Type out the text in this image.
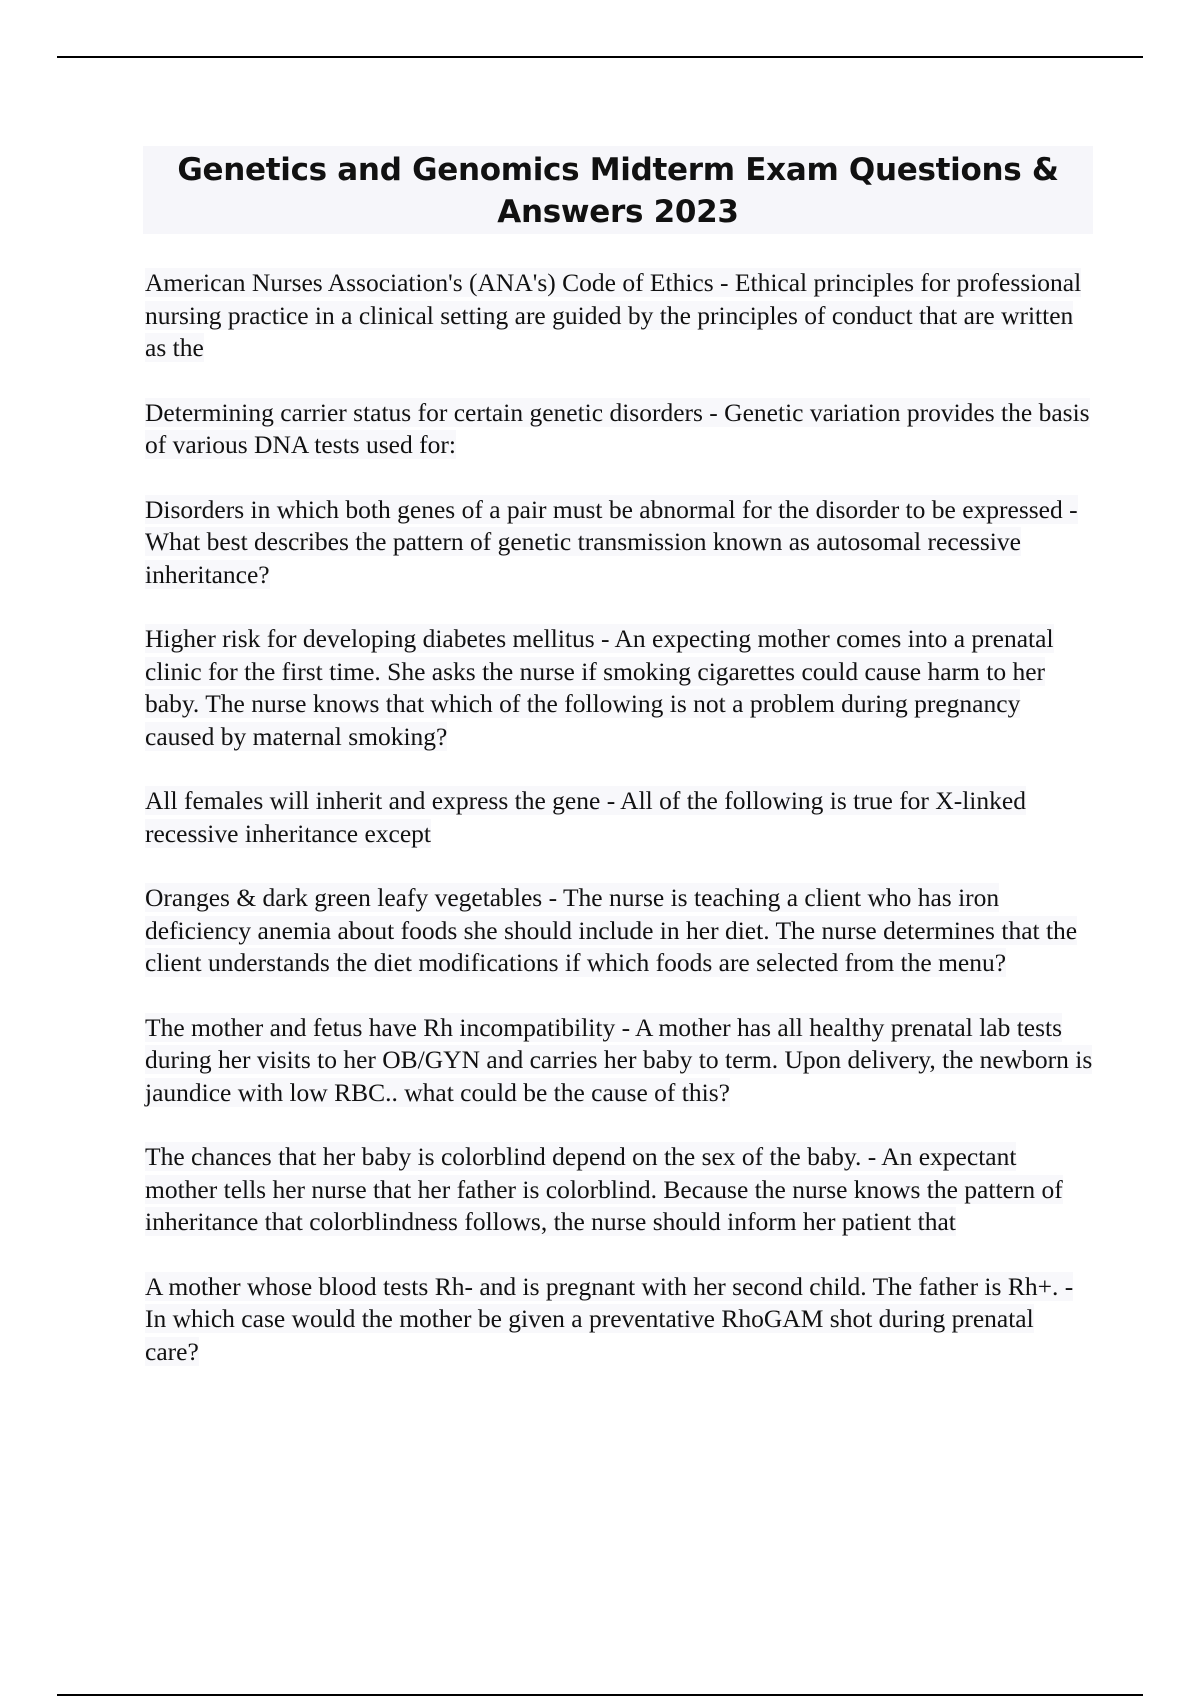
Genetics and Genomics Midterm Exam Questions & Answers 2023

American Nurses Association's (ANA's) Code of Ethics - Ethical principles for professional nursing practice in a clinical setting are guided by the principles of conduct that are written as the

Determining carrier status for certain genetic disorders - Genetic variation provides the basis of various DNA tests used for:

Disorders in which both genes of a pair must be abnormal for the disorder to be expressed - What best describes the pattern of genetic transmission known as autosomal recessive inheritance?

Higher risk for developing diabetes mellitus - An expecting mother comes into a prenatal clinic for the first time. She asks the nurse if smoking cigarettes could cause harm to her baby. The nurse knows that which of the following is not a problem during pregnancy caused by maternal smoking?

All females will inherit and express the gene - All of the following is true for X-linked recessive inheritance except

Oranges & dark green leafy vegetables - The nurse is teaching a client who has iron deficiency anemia about foods she should include in her diet. The nurse determines that the client understands the diet modifications if which foods are selected from the menu?

The mother and fetus have Rh incompatibility - A mother has all healthy prenatal lab tests during her visits to her OB/GYN and carries her baby to term. Upon delivery, the newborn is jaundice with low RBC.. what could be the cause of this?

The chances that her baby is colorblind depend on the sex of the baby. - An expectant mother tells her nurse that her father is colorblind. Because the nurse knows the pattern of inheritance that colorblindness follows, the nurse should inform her patient that

A mother whose blood tests Rh- and is pregnant with her second child. The father is Rh+. - In which case would the mother be given a preventative RhoGAM shot during prenatal care?
